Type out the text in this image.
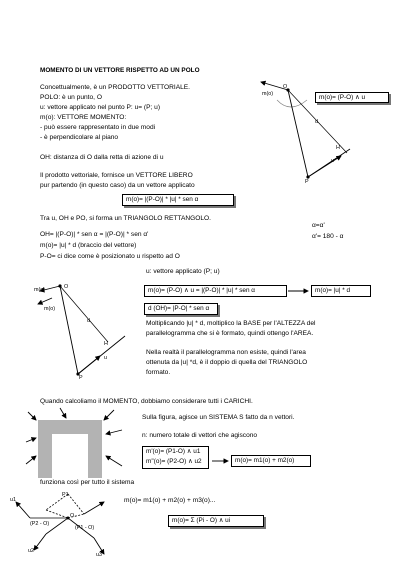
MOMENTO DI UN VETTORE RISPETTO AD UN POLO
Concettualmente, è un PRODOTTO VETTORIALE.
POLO: è un punto, O
u: vettore applicato nel punto P: u= (P; u)
m(o): VETTORE MOMENTO:
- può essere rappresentato in due modi
- è perpendicolare al piano
OH: distanza di O dalla retta di azione di u
Il prodotto vettoriale, fornisce un VETTORE LIBERO
pur partendo (in questo caso) da un vettore applicato
m(o)= (P-O) ∧ u
m(o)= |(P-O)| * |u| * sen α
m(o)
O
d
H
u
P
Tra u, OH e PO, si forma un TRIANGOLO RETTANGOLO.
α=α'
α'= 180 - α
OH= |(P-O)| * sen α = |(P-O)| * sen α'
m(o)= |u| * d (braccio del vettore)
P-O= ci dice come è posizionato u rispetto ad O
m(o)
m(o)
O
d
H
u
P
u: vettore applicato (P; u)
m(o)= (P-O) ∧ u = |(P-O)| * |u| * sen α	m(o)= |u| * d
d (OH)= |P-O| * sen α
Moltiplicando |u| * d, moltiplico la BASE per l'ALTEZZA del
parallelogramma che si è formato, quindi ottengo l'AREA.
Nella realtà il parallelogramma non esiste, quindi l'area
ottenuta da |u| *d, è il doppio di quella del TRIANGOLO
formato.
Quando calcoliamo il MOMENTO, dobbiamo considerare tutti i CARICHI.
Sulla figura, agisce un SISTEMA S fatto da n vettori.
n: numero totale di vettori che agiscono
m'(o)= (P1-O) ∧ u1
m''(o)= (P2-O) ∧ u2	m(o)= m1(o) + m2(o)
funziona così per tutto il sistema
m(o)= m1(o) + m2(o) + m3(o)...
m(o)= Σ (Pi - O) ∧ ui
u1
P1
O
(P2 - O)
(P1 - O)
u2
u3
